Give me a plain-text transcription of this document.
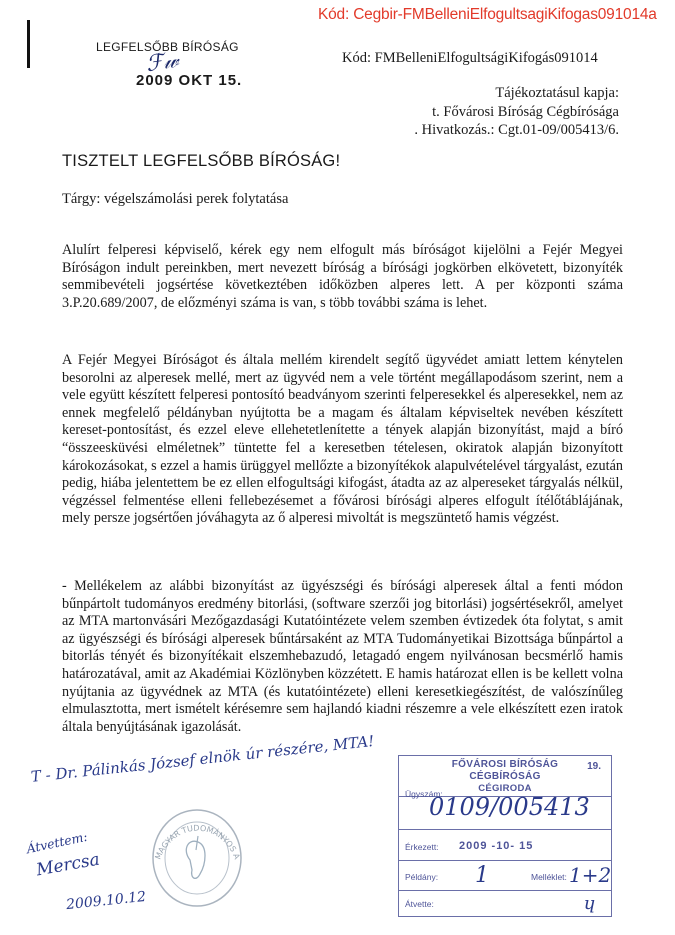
Kód: Cegbir-FMBelleniElfogultsagiKifogas091014a
LEGFELSŐBB BÍRÓSÁG
ℱ𝓌
2009 OKT 15.
Kód: FMBelleniElfogultságiKifogás091014
Tájékoztatásul kapja:
t. Fővárosi Bíróság Cégbírósága
. Hivatkozás.: Cgt.01-09/005413/6.
TISZTELT LEGFELSŐBB BÍRÓSÁG!
Tárgy: végelszámolási perek folytatása
Alulírt felperesi képviselő, kérek egy nem elfogult más bíróságot kijelölni a Fejér Megyei Bíróságon indult pereinkben, mert nevezett bíróság a bírósági jogkörben elkövetett, bizonyíték semmibevételi jogsértése következtében időközben alperes lett. A per központi száma 3.P.20.689/2007, de előzményi száma is van, s több további száma is lehet.
A Fejér Megyei Bíróságot és általa mellém kirendelt segítő ügyvédet amiatt lettem kénytelen besorolni az alperesek mellé, mert az ügyvéd nem a vele történt megállapodásom szerint, nem a vele együtt készített felperesi pontosító beadványom szerinti felperesekkel és alperesekkel, nem az ennek megfelelő példányban nyújtotta be a magam és általam képviseltek nevében készített kereset-pontosítást, és ezzel eleve ellehetetlenítette a tények alapján bizonyítást, majd a bíró “összeesküvési elméletnek” tüntette fel a keresetben tételesen, okiratok alapján bizonyított károkozásokat, s ezzel a hamis ürüggyel mellőzte a bizonyítékok alapulvételével tárgyalást, ezután pedig, hiába jelentettem be ez ellen elfogultsági kifogást, átadta az az alpereseket tárgyalás nélkül, végzéssel felmentése elleni fellebezésemet a fővárosi bírósági alperes elfogult ítélőtáblájának, mely persze jogsértően jóváhagyta az ő alperesi mivoltát is megszüntető hamis végzést.
- Mellékelem az alábbi bizonyítást az ügyészségi és bírósági alperesek által a fenti módon bűnpártolt tudományos eredmény bitorlási, (software szerzői jog bitorlási) jogsértésekről, amelyet az MTA martonvásári Mezőgazdasági Kutatóintézete velem szemben évtizedek óta folytat, s amit az ügyészségi és bírósági alperesek bűntársaként az MTA Tudományetikai Bizottsága bűnpártol a bitorlás tényét és bizonyítékait elszemhebazudó, letagadó engem nyilvánosan becsmérlő hamis határozatával, amit az Akadémiai Közlönyben közzétett. E hamis határozat ellen is be kellett volna nyújtania az ügyvédnek az MTA (és kutatóintézete) elleni keresetkiegészítést, de valószínűleg elmulasztotta, mert ismételt kérésemre sem hajlandó kiadni részemre a vele elkészített ezen iratok általa benyújtásának igazolását.
T - Dr. Pálinkás József elnök úr részére, MTA!
Átvettem:
Mercsa
2009.10.12
MAGYAR TUDOMÁNYOS A
FŐVÁROSI BÍRÓSÁG	19.
CÉGBÍRÓSÁG
CÉGIRODA
Ügyszám:
0109/005413
Érkezett: 2009 -10- 15
Példány: 1	Melléklet: 1+2
Átvette:	ɥ
